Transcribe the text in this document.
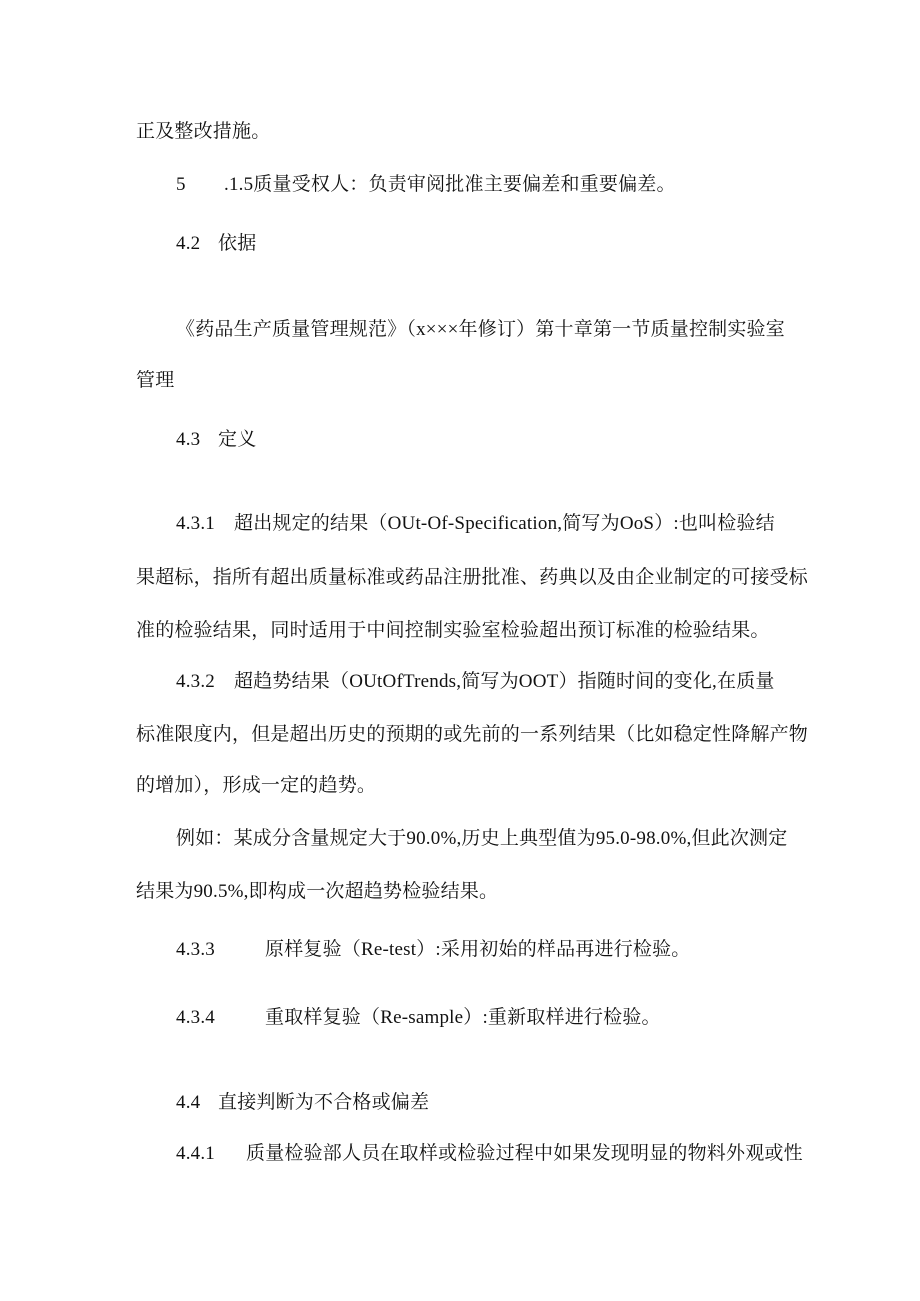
正及整改措施。
5 .1.5质量受权人：负责审阅批准主要偏差和重要偏差。
4.2 依据
《药品生产质量管理规范》（x×××年修订）第十章第一节质量控制实验室
管理
4.3 定义
4.3.1 超出规定的结果（OUt-Of-Specification,简写为OoS）:也叫检验结
果超标，指所有超出质量标准或药品注册批准、药典以及由企业制定的可接受标
准的检验结果，同时适用于中间控制实验室检验超出预订标准的检验结果。
4.3.2 超趋势结果（OUtOfTrends,简写为OOT）指随时间的变化,在质量
标准限度内，但是超出历史的预期的或先前的一系列结果（比如稳定性降解产物
的增加），形成一定的趋势。
例如：某成分含量规定大于90.0%,历史上典型值为95.0-98.0%,但此次测定
结果为90.5%,即构成一次超趋势检验结果。
4.3.3	原样复验（Re-test）:采用初始的样品再进行检验。
4.3.4	重取样复验（Re-sample）:重新取样进行检验。
4.4 直接判断为不合格或偏差
4.4.1 质量检验部人员在取样或检验过程中如果发现明显的物料外观或性
